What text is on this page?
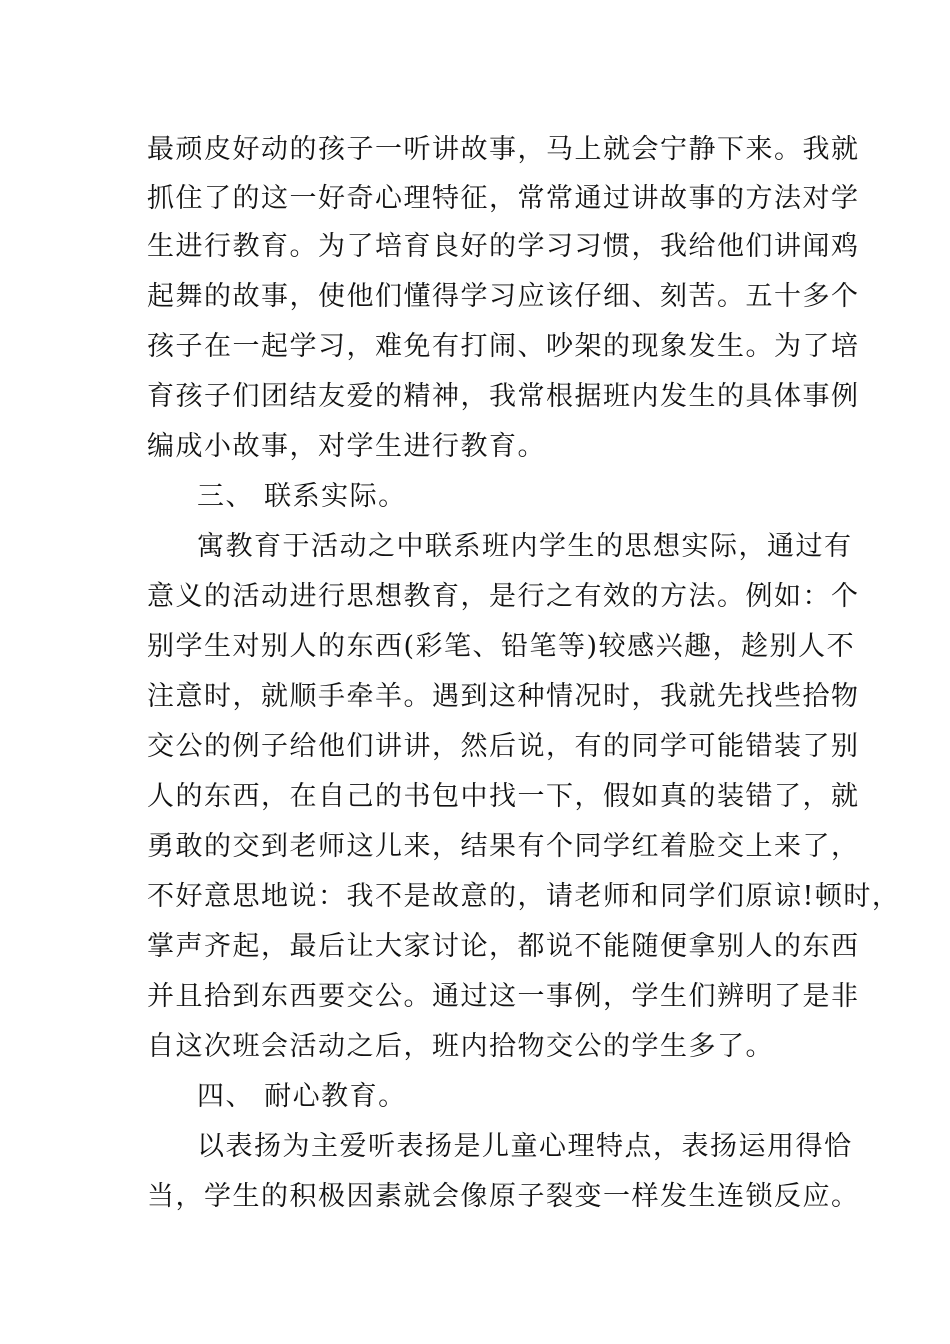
最顽皮好动的孩子一听讲故事，马上就会宁静下来。我就
抓住了的这一好奇心理特征，常常通过讲故事的方法对学
生进行教育。为了培育良好的学习习惯，我给他们讲闻鸡
起舞的故事，使他们懂得学习应该仔细、刻苦。五十多个
孩子在一起学习，难免有打闹、吵架的现象发生。为了培
育孩子们团结友爱的精神，我常根据班内发生的具体事例
编成小故事，对学生进行教育。
三、 联系实际。
寓教育于活动之中联系班内学生的思想实际，通过有
意义的活动进行思想教育，是行之有效的方法。例如：个
别学生对别人的东西(彩笔、铅笔等)较感兴趣，趁别人不
注意时，就顺手牵羊。遇到这种情况时，我就先找些拾物
交公的例子给他们讲讲，然后说，有的同学可能错装了别
人的东西，在自己的书包中找一下，假如真的装错了，就
勇敢的交到老师这儿来，结果有个同学红着脸交上来了，
不好意思地说：我不是故意的，请老师和同学们原谅!顿时，
掌声齐起，最后让大家讨论，都说不能随便拿别人的东西
并且拾到东西要交公。通过这一事例，学生们辨明了是非
自这次班会活动之后，班内拾物交公的学生多了。
四、 耐心教育。
以表扬为主爱听表扬是儿童心理特点，表扬运用得恰
当，学生的积极因素就会像原子裂变一样发生连锁反应。
